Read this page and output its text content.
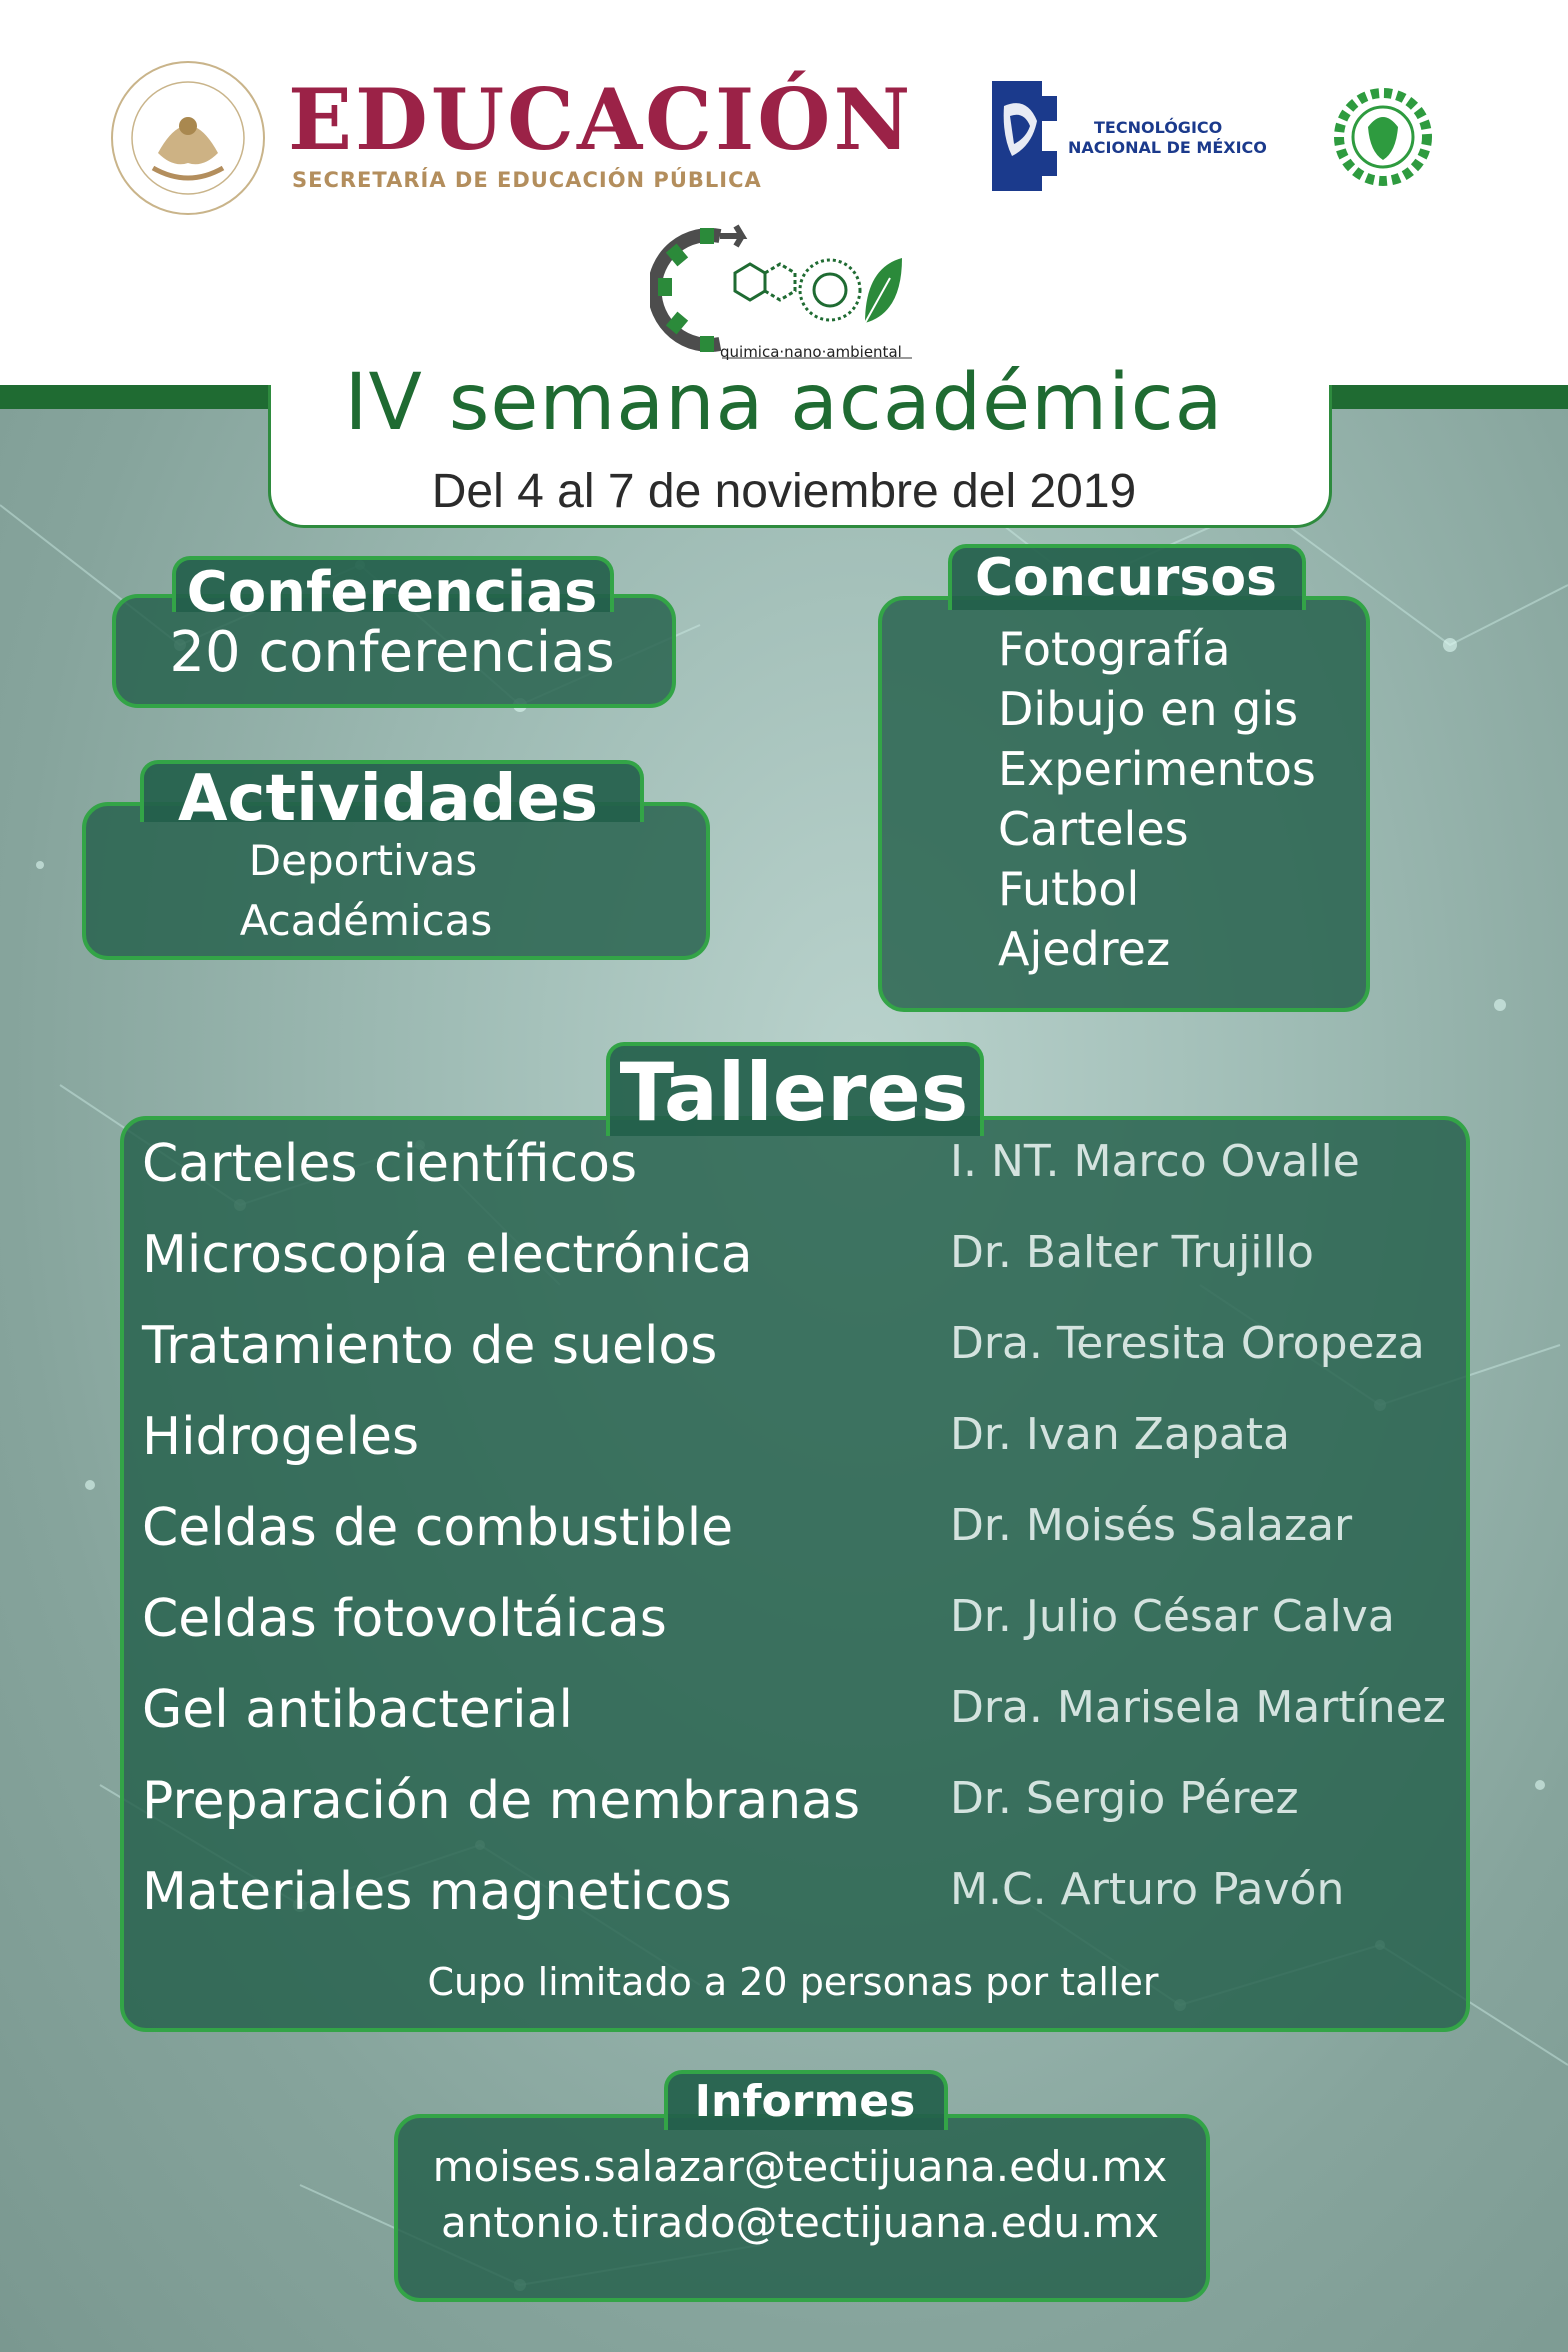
EDUCACIÓN
SECRETARÍA DE EDUCACIÓN PÚBLICA
TECNOLÓGICO
NACIONAL DE MÉXICO
quimica·nano·ambiental
IV semana académica
Del 4 al 7 de noviembre del 2019
Conferencias
20 conferencias
Actividades
Deportivas
Académicas
Concursos
Fotografía
Dibujo en gis
Experimentos
Carteles
Futbol
Ajedrez
Talleres
Carteles científicos	I. NT. Marco Ovalle
Microscopía electrónica	Dr. Balter Trujillo
Tratamiento de suelos	Dra. Teresita Oropeza
Hidrogeles	Dr. Ivan Zapata
Celdas de combustible	Dr. Moisés Salazar
Celdas fotovoltáicas	Dr. Julio César Calva
Gel antibacterial	Dra. Marisela Martínez
Preparación de membranas Dr. Sergio Pérez
Materiales magneticos	M.C. Arturo Pavón
Cupo limitado a 20 personas por taller
Informes
moises.salazar@tectijuana.edu.mx
antonio.tirado@tectijuana.edu.mx
